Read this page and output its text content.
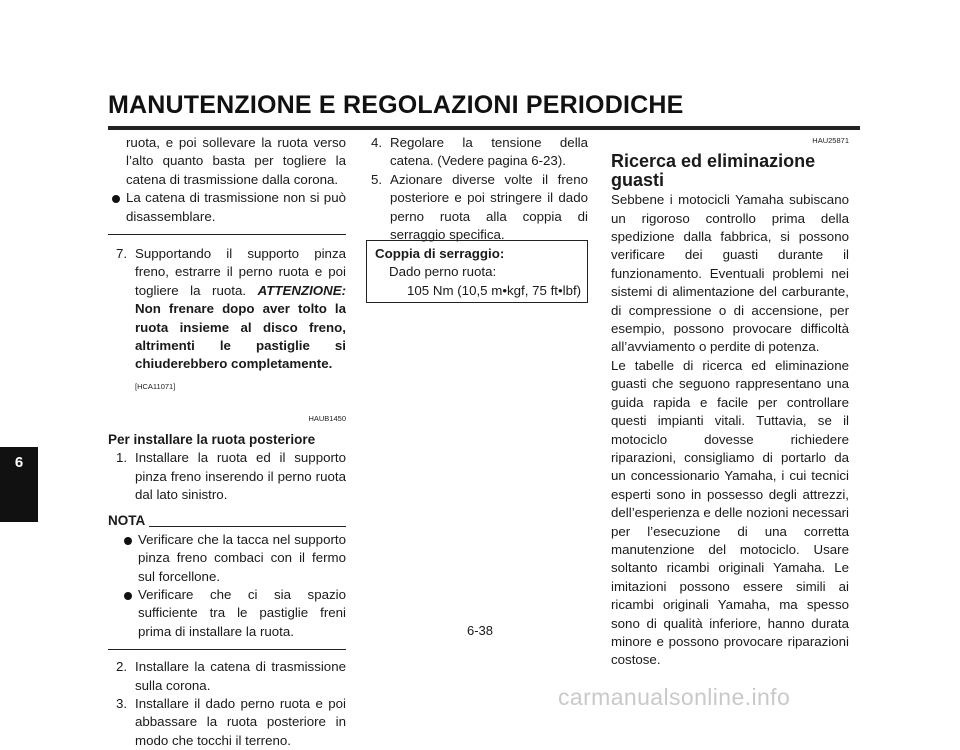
MANUTENZIONE E REGOLAZIONI PERIODICHE
6
ruota, e poi sollevare la ruota verso l’alto quanto basta per togliere la catena di trasmissione dalla corona.
La catena di trasmissione non si può disassemblare.
7. Supportando il supporto pinza freno, estrarre il perno ruota e poi togliere la ruota. ATTENZIONE: Non frenare dopo aver tolto la ruota insieme al disco freno, altrimenti le pastiglie si chiuderebbero completamente.
[HCA11071]
HAUB1450
Per installare la ruota posteriore
1. Installare la ruota ed il supporto pinza freno inserendo il perno ruota dal lato sinistro.
NOTA
Verificare che la tacca nel supporto pinza freno combaci con il fermo sul forcellone.
Verificare che ci sia spazio sufficiente tra le pastiglie freni prima di installare la ruota.
2. Installare la catena di trasmissione sulla corona.
3. Installare il dado perno ruota e poi abbassare la ruota posteriore in modo che tocchi il terreno.
4. Regolare la tensione della catena. (Vedere pagina 6-23).
5. Azionare diverse volte il freno posteriore e poi stringere il dado perno ruota alla coppia di serraggio specifica.
Coppia di serraggio:
Dado perno ruota:
105 Nm (10,5 m•kgf, 75 ft•lbf)
HAU25871
Ricerca ed eliminazione guasti
Sebbene i motocicli Yamaha subiscano un rigoroso controllo prima della spedizione dalla fabbrica, si possono verificare dei guasti durante il funzionamento. Eventuali problemi nei sistemi di alimentazione del carburante, di compressione o di accensione, per esempio, possono provocare difficoltà all’avviamento o perdite di potenza.
Le tabelle di ricerca ed eliminazione guasti che seguono rappresentano una guida rapida e facile per controllare questi impianti vitali. Tuttavia, se il motociclo dovesse richiedere riparazioni, consigliamo di portarlo da un concessionario Yamaha, i cui tecnici esperti sono in possesso degli attrezzi, dell’esperienza e delle nozioni necessari per l’esecuzione di una corretta manutenzione del motociclo. Usare soltanto ricambi originali Yamaha. Le imitazioni possono essere simili ai ricambi originali Yamaha, ma spesso sono di qualità inferiore, hanno durata minore e possono provocare riparazioni costose.
6-38
carmanualsonline.info
